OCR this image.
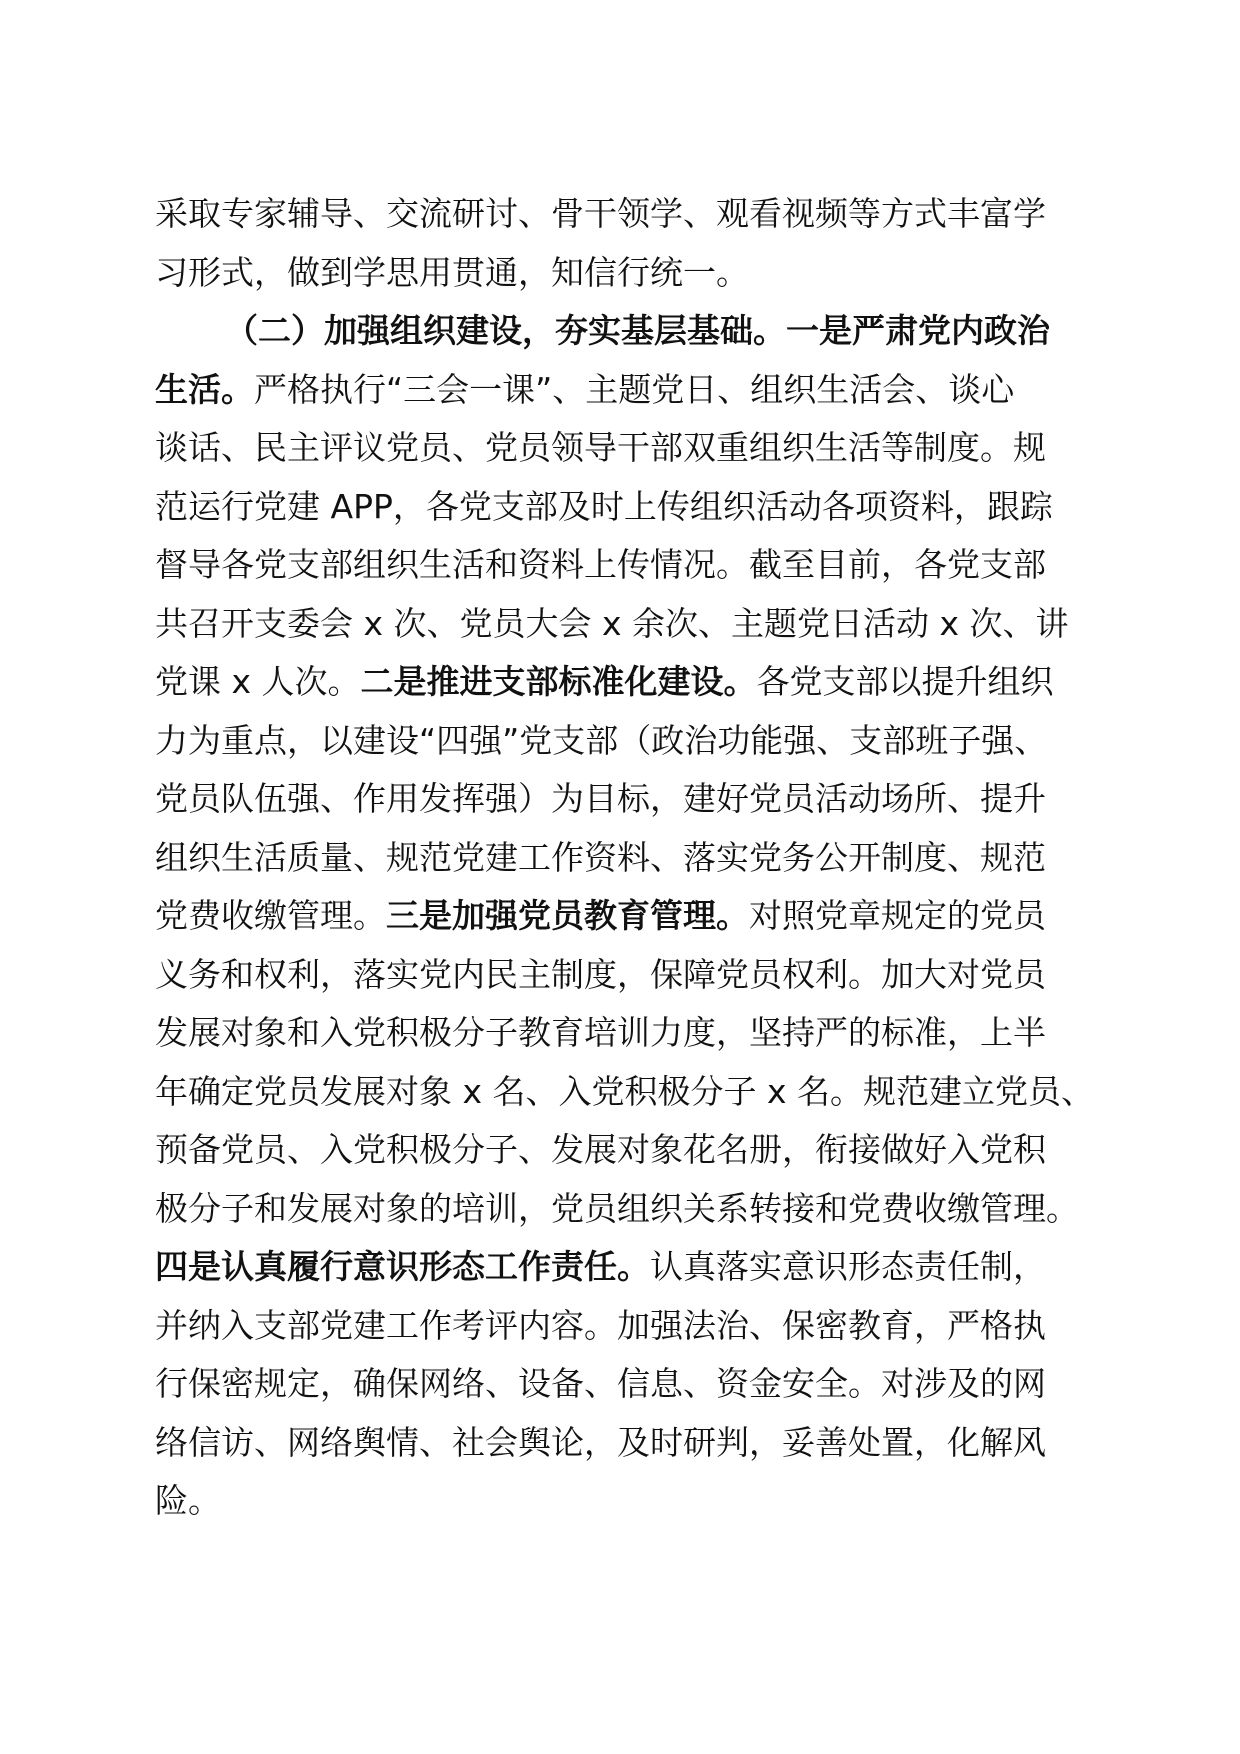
采取专家辅导、交流研讨、骨干领学、观看视频等方式丰富学
习形式，做到学思用贯通，知信行统一。
（二）加强组织建设，夯实基层基础。一是严肃党内政治
生活。严格执行“三会一课”、主题党日、组织生活会、谈心
谈话、民主评议党员、党员领导干部双重组织生活等制度。规
范运行党建 APP，各党支部及时上传组织活动各项资料，跟踪
督导各党支部组织生活和资料上传情况。截至目前，各党支部
共召开支委会 x 次、党员大会 x 余次、主题党日活动 x 次、讲
党课 x 人次。二是推进支部标准化建设。各党支部以提升组织
力为重点，以建设“四强”党支部（政治功能强、支部班子强、
党员队伍强、作用发挥强）为目标，建好党员活动场所、提升
组织生活质量、规范党建工作资料、落实党务公开制度、规范
党费收缴管理。三是加强党员教育管理。对照党章规定的党员
义务和权利，落实党内民主制度，保障党员权利。加大对党员
发展对象和入党积极分子教育培训力度，坚持严的标准，上半
年确定党员发展对象 x 名、入党积极分子 x 名。规范建立党员、
预备党员、入党积极分子、发展对象花名册，衔接做好入党积
极分子和发展对象的培训，党员组织关系转接和党费收缴管理。
四是认真履行意识形态工作责任。认真落实意识形态责任制，
并纳入支部党建工作考评内容。加强法治、保密教育，严格执
行保密规定，确保网络、设备、信息、资金安全。对涉及的网
络信访、网络舆情、社会舆论，及时研判，妥善处置，化解风
险。
